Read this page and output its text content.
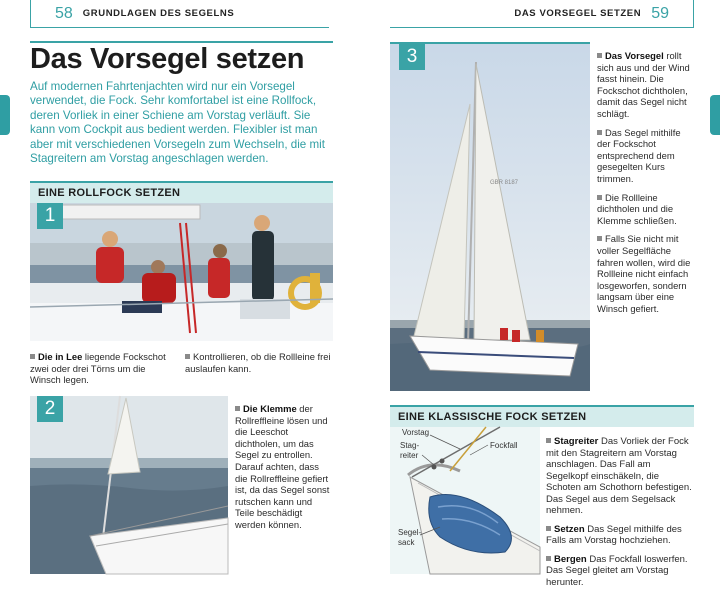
58 GRUNDLAGEN DES SEGELNS	DAS VORSEGEL SETZEN 59
Das Vorsegel setzen

Auf modernen Fahrtenjachten wird nur ein Vorsegel verwendet, die Fock. Sehr komfortabel ist eine Rollfock, deren Vorliek in einer Schiene am Vorstag verläuft. Sie kann vom Cockpit aus bedient werden. Flexibler ist man aber mit verschiedenen Vorsegeln zum Wechseln, die mit Stagreitern am Vorstag angeschlagen werden.

EINE ROLLFOCK SETZEN
1
Die in Lee liegende Fockschot zwei oder drei Törns um die Winsch legen.
Kontrollieren, ob die Rollleine frei auslaufen kann.
2	Die Klemme der Rollreffleine lösen und die Leeschot dichtholen, um das Segel zu entrollen. Darauf achten, dass die Rollreffleine gefiert ist, da das Segel sonst rutschen kann und Teile beschädigt werden können.
GBR 8187
3	Das Vorsegel rollt sich aus und der Wind fasst hinein. Die Fockschot dichtholen, damit das Segel nicht schlägt.

Das Segel mithilfe der Fockschot entsprechend dem gesegelten Kurs trimmen.

Die Rollleine dichtholen und die Klemme schließen.

Falls Sie nicht mit voller Segelfläche fahren wollen, wird die Rollleine nicht einfach losgeworfen, sondern langsam über eine Winsch gefiert.

EINE KLASSISCHE FOCK SETZEN
Vorstag
Fockfall
Stag-
reiter
Segel-
sack

Stagreiter Das Vorliek der Fock mit den Stagreitern am Vorstag anschlagen. Das Fall am Segelkopf einschäkeln, die Schoten am Schothorn befestigen. Das Segel aus dem Segelsack nehmen.

Setzen Das Segel mithilfe des Falls am Vorstag hochziehen.

Bergen Das Fockfall loswerfen. Das Segel gleitet am Vorstag herunter.
